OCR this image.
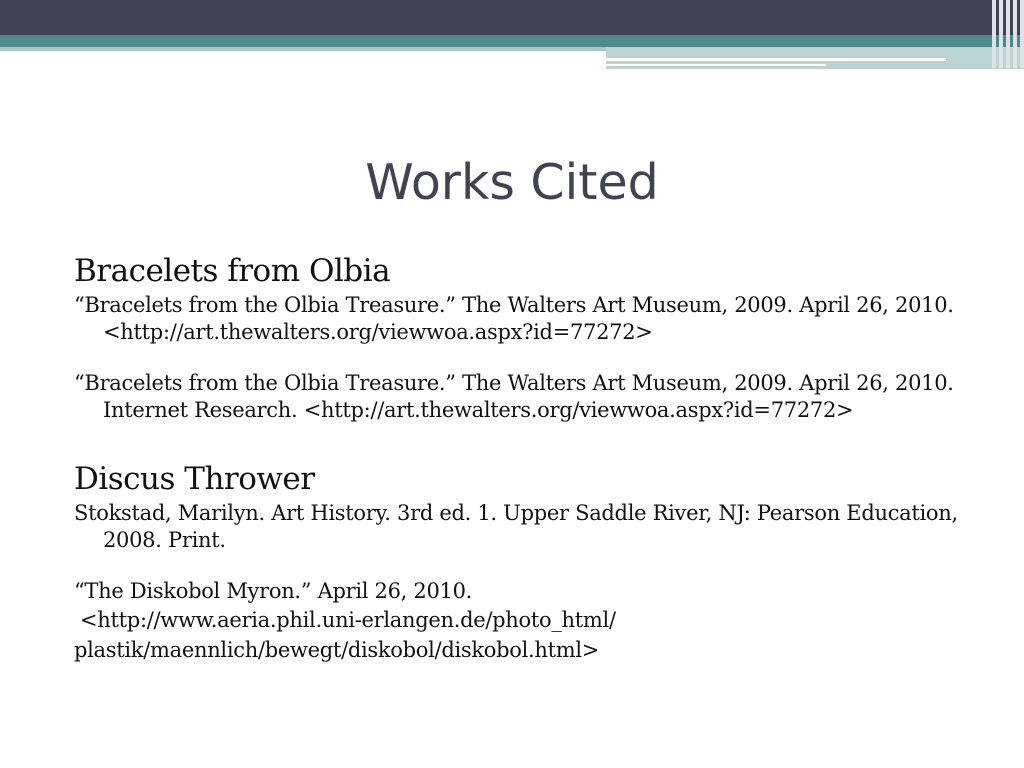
Works Cited
Bracelets from Olbia

“Bracelets from the Olbia Treasure.” The Walters Art Museum, 2009. April 26, 2010. <http://art.thewalters.org/viewwoa.aspx?id=77272>

“Bracelets from the Olbia Treasure.” The Walters Art Museum, 2009. April 26, 2010. Internet Research. <http://art.thewalters.org/viewwoa.aspx?id=77272>

Discus Thrower

Stokstad, Marilyn. Art History. 3rd ed. 1. Upper Saddle River, NJ: Pearson Education, 2008. Print.

“The Diskobol Myron.” April 26, 2010.

<http://www.aeria.phil.uni-erlangen.de/photo_html/

plastik/maennlich/bewegt/diskobol/diskobol.html>
